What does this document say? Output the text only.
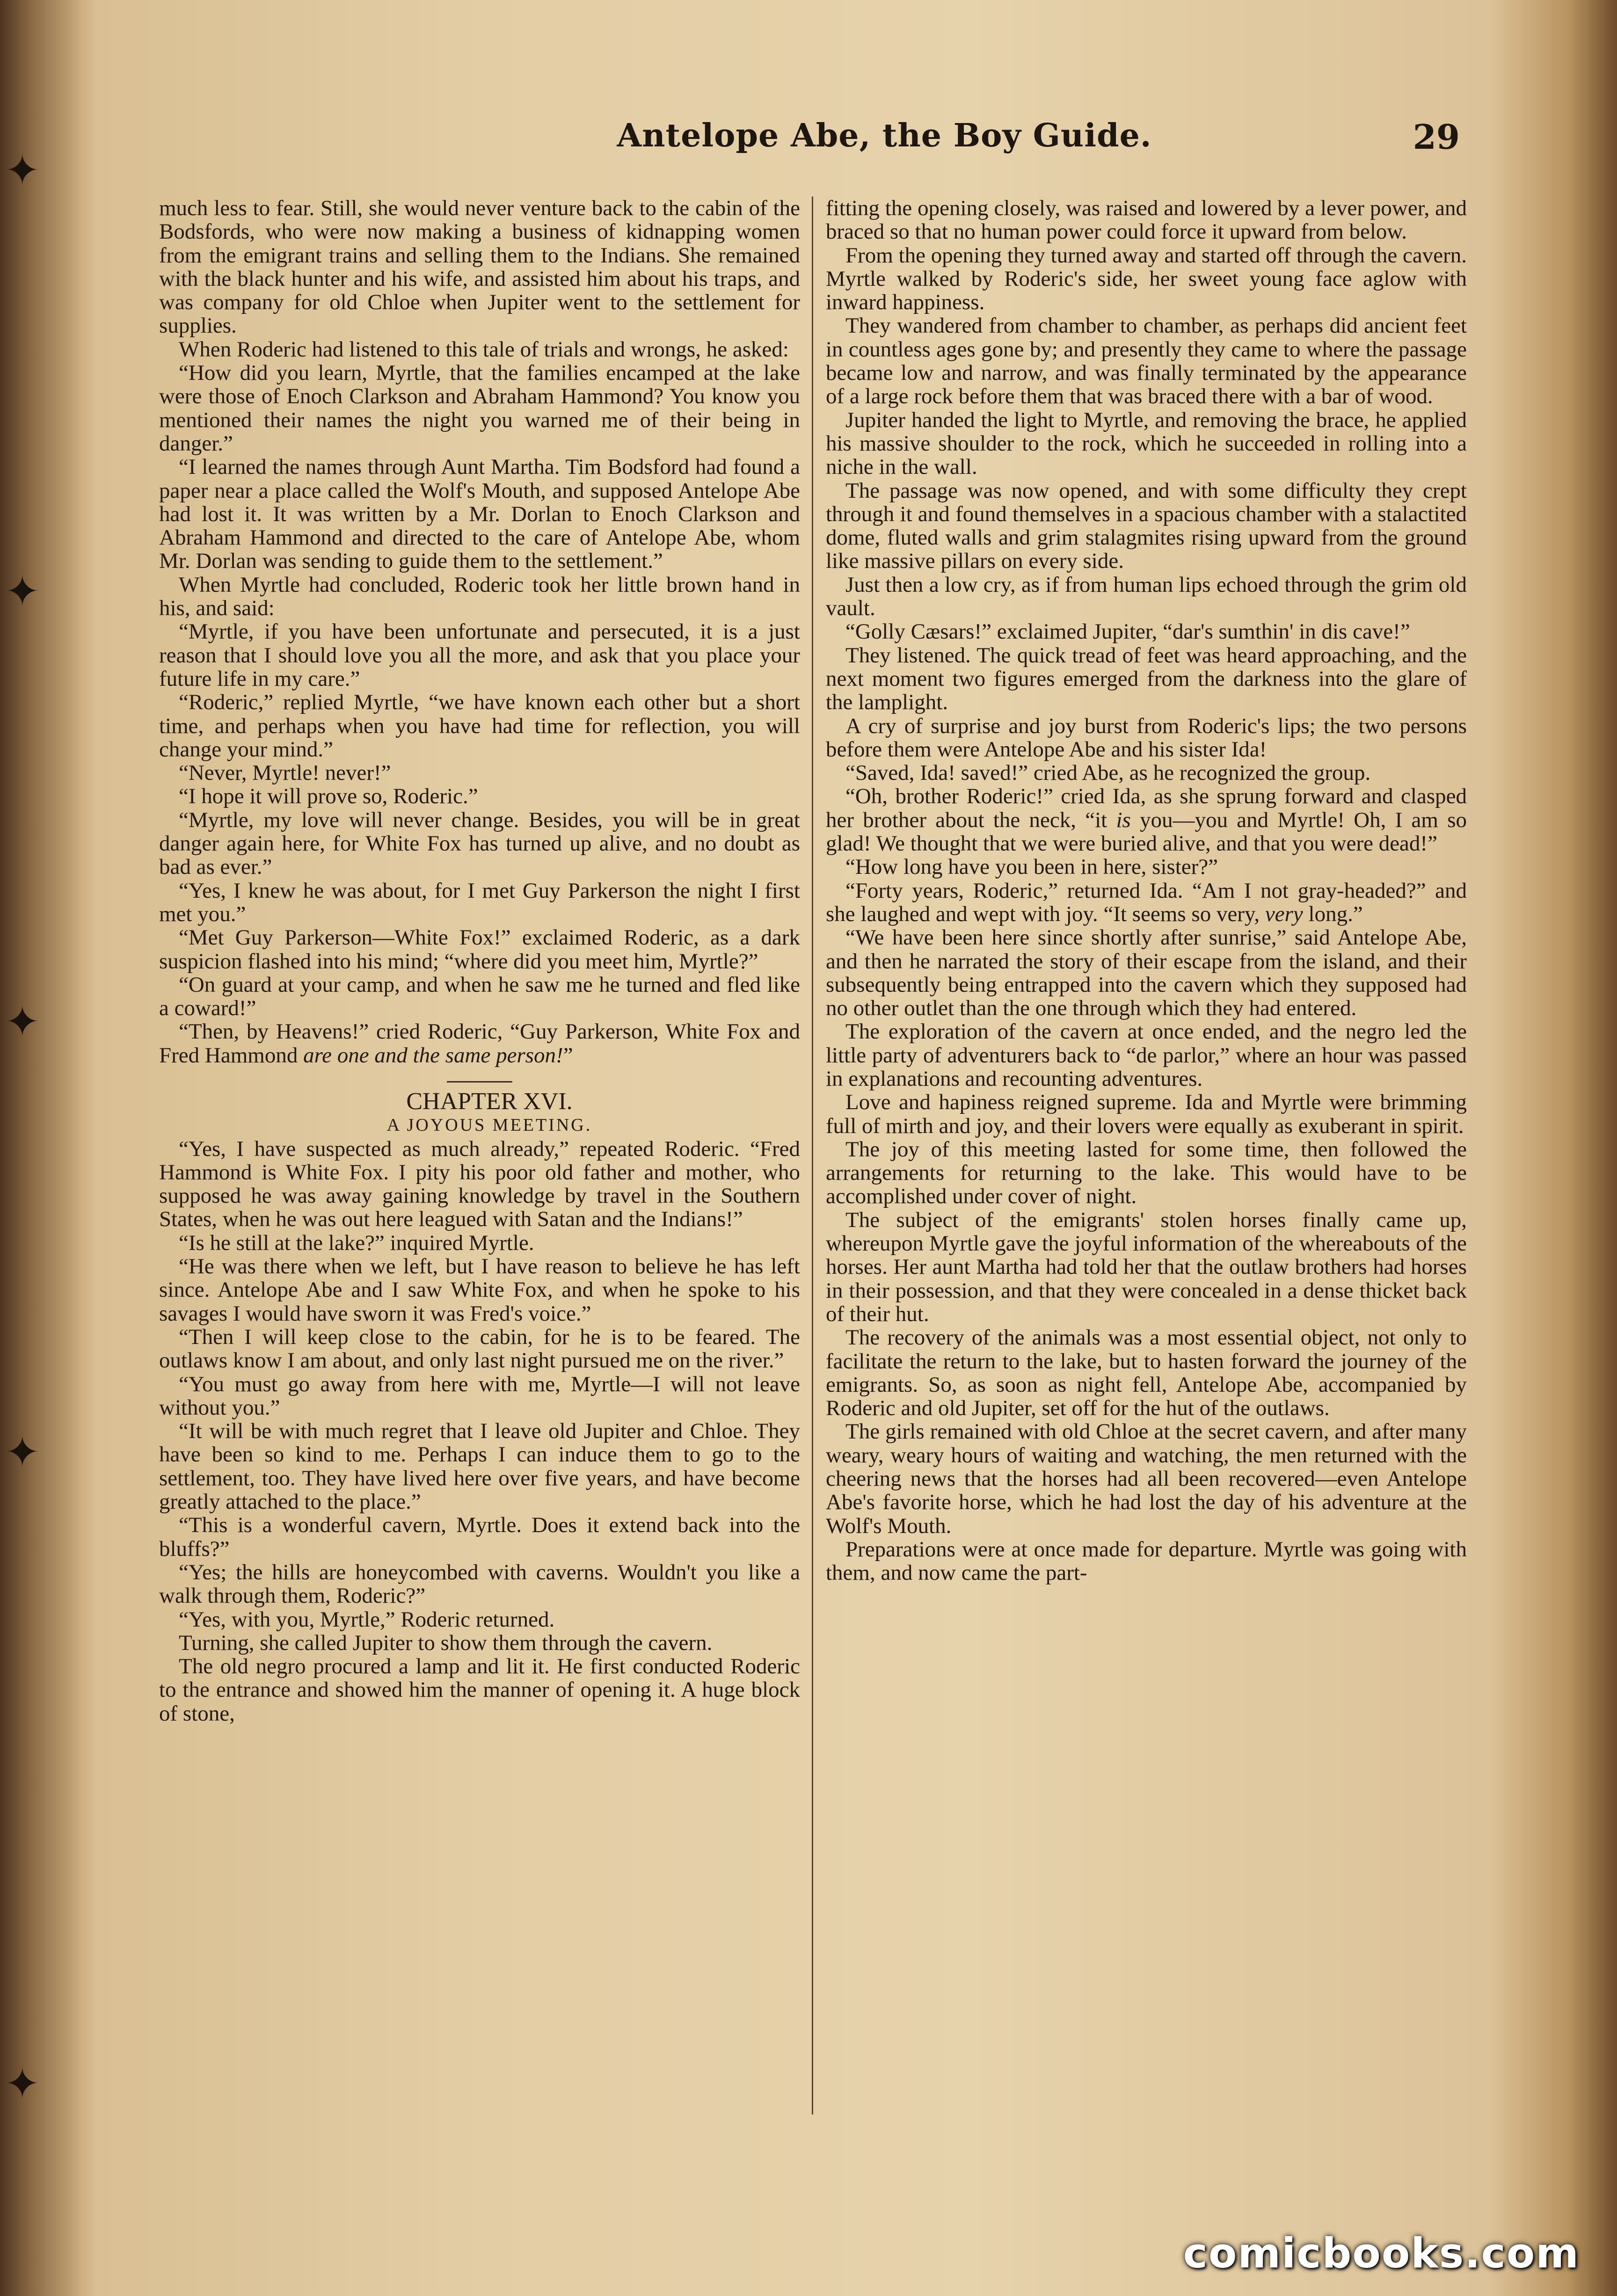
✦
✦
✦
✦
✦
Antelope Abe, the Boy Guide.	29

much less to fear. Still, she would never venture back to the cabin of the Bodsfords, who were now making a business of kidnapping women from the emigrant trains and selling them to the Indians. She remained with the black hunter and his wife, and assisted him about his traps, and was company for old Chloe when Jupiter went to the settlement for supplies.

When Roderic had listened to this tale of trials and wrongs, he asked:

“How did you learn, Myrtle, that the families encamped at the lake were those of Enoch Clarkson and Abraham Hammond? You know you mentioned their names the night you warned me of their being in danger.”

“I learned the names through Aunt Martha. Tim Bodsford had found a paper near a place called the Wolf's Mouth, and supposed Antelope Abe had lost it. It was written by a Mr. Dorlan to Enoch Clarkson and Abraham Hammond and directed to the care of Antelope Abe, whom Mr. Dorlan was sending to guide them to the settlement.”

When Myrtle had concluded, Roderic took her little brown hand in his, and said:

“Myrtle, if you have been unfortunate and persecuted, it is a just reason that I should love you all the more, and ask that you place your future life in my care.”

“Roderic,” replied Myrtle, “we have known each other but a short time, and perhaps when you have had time for reflection, you will change your mind.”

“Never, Myrtle! never!”

“I hope it will prove so, Roderic.”

“Myrtle, my love will never change. Besides, you will be in great danger again here, for White Fox has turned up alive, and no doubt as bad as ever.”

“Yes, I knew he was about, for I met Guy Parkerson the night I first met you.”

“Met Guy Parkerson—White Fox!” exclaimed Roderic, as a dark suspicion flashed into his mind; “where did you meet him, Myrtle?”

“On guard at your camp, and when he saw me he turned and fled like a coward!”

“Then, by Heavens!” cried Roderic, “Guy Parkerson, White Fox and Fred Hammond are one and the same person!”

CHAPTER XVI.

A JOYOUS MEETING.

“Yes, I have suspected as much already,” repeated Roderic. “Fred Hammond is White Fox. I pity his poor old father and mother, who supposed he was away gaining knowledge by travel in the Southern States, when he was out here leagued with Satan and the Indians!”

“Is he still at the lake?” inquired Myrtle.

“He was there when we left, but I have reason to believe he has left since. Antelope Abe and I saw White Fox, and when he spoke to his savages I would have sworn it was Fred's voice.”

“Then I will keep close to the cabin, for he is to be feared. The outlaws know I am about, and only last night pursued me on the river.”

“You must go away from here with me, Myrtle—I will not leave without you.”

“It will be with much regret that I leave old Jupiter and Chloe. They have been so kind to me. Perhaps I can induce them to go to the settlement, too. They have lived here over five years, and have become greatly attached to the place.”

“This is a wonderful cavern, Myrtle. Does it extend back into the bluffs?”

“Yes; the hills are honeycombed with caverns. Wouldn't you like a walk through them, Roderic?”

“Yes, with you, Myrtle,” Roderic returned.

Turning, she called Jupiter to show them through the cavern.

The old negro procured a lamp and lit it. He first conducted Roderic to the entrance and showed him the manner of opening it. A huge block of stone,

fitting the opening closely, was raised and lowered by a lever power, and braced so that no human power could force it upward from below.

From the opening they turned away and started off through the cavern. Myrtle walked by Roderic's side, her sweet young face aglow with inward happiness.

They wandered from chamber to chamber, as perhaps did ancient feet in countless ages gone by; and presently they came to where the passage became low and narrow, and was finally terminated by the appearance of a large rock before them that was braced there with a bar of wood.

Jupiter handed the light to Myrtle, and removing the brace, he applied his massive shoulder to the rock, which he succeeded in rolling into a niche in the wall.

The passage was now opened, and with some difficulty they crept through it and found themselves in a spacious chamber with a stalactited dome, fluted walls and grim stalagmites rising upward from the ground like massive pillars on every side.

Just then a low cry, as if from human lips echoed through the grim old vault.

“Golly Cæsars!” exclaimed Jupiter, “dar's sumthin' in dis cave!”

They listened. The quick tread of feet was heard approaching, and the next moment two figures emerged from the darkness into the glare of the lamplight.

A cry of surprise and joy burst from Roderic's lips; the two persons before them were Antelope Abe and his sister Ida!

“Saved, Ida! saved!” cried Abe, as he recognized the group.

“Oh, brother Roderic!” cried Ida, as she sprung forward and clasped her brother about the neck, “it is you—you and Myrtle! Oh, I am so glad! We thought that we were buried alive, and that you were dead!”

“How long have you been in here, sister?”

“Forty years, Roderic,” returned Ida. “Am I not gray-headed?” and she laughed and wept with joy. “It seems so very, very long.”

“We have been here since shortly after sunrise,” said Antelope Abe, and then he narrated the story of their escape from the island, and their subsequently being entrapped into the cavern which they supposed had no other outlet than the one through which they had entered.

The exploration of the cavern at once ended, and the negro led the little party of adventurers back to “de parlor,” where an hour was passed in explanations and recounting adventures.

Love and hapiness reigned supreme. Ida and Myrtle were brimming full of mirth and joy, and their lovers were equally as exuberant in spirit.

The joy of this meeting lasted for some time, then followed the arrangements for returning to the lake. This would have to be accomplished under cover of night.

The subject of the emigrants' stolen horses finally came up, whereupon Myrtle gave the joyful information of the whereabouts of the horses. Her aunt Martha had told her that the outlaw brothers had horses in their possession, and that they were concealed in a dense thicket back of their hut.

The recovery of the animals was a most essential object, not only to facilitate the return to the lake, but to hasten forward the journey of the emigrants. So, as soon as night fell, Antelope Abe, accompanied by Roderic and old Jupiter, set off for the hut of the outlaws.

The girls remained with old Chloe at the secret cavern, and after many weary, weary hours of waiting and watching, the men returned with the cheering news that the horses had all been recovered—even Antelope Abe's favorite horse, which he had lost the day of his adventure at the Wolf's Mouth.

Preparations were at once made for departure. Myrtle was going with them, and now came the part-

comicbooks.com
